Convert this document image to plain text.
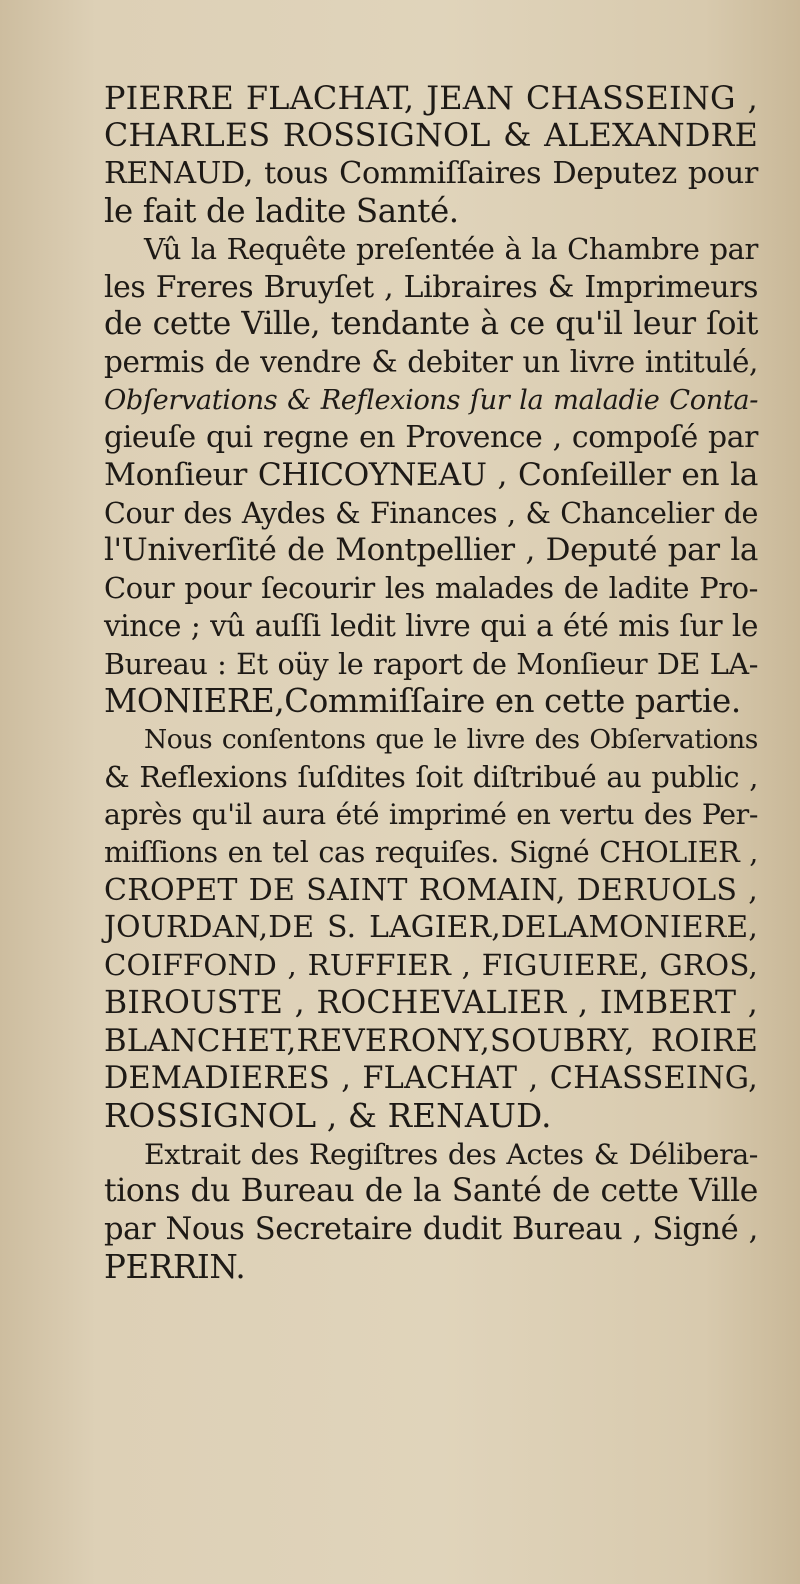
PIERRE FLACHAT, JEAN CHASSEING ,
CHARLES ROSSIGNOL & ALEXANDRE
RENAUD, tous Commiſſaires Deputez pour
le fait de ladite Santé.
Vû la Requête preſentée à la Chambre par
les Freres Bruyſet , Libraires & Imprimeurs
de cette Ville, tendante à ce qu'il leur ſoit
permis de vendre & debiter un livre intitulé,
Obſervations & Reflexions ſur la maladie Conta-
gieuſe qui regne en Provence , compoſé par
Monſieur CHICOYNEAU , Conſeiller en la
Cour des Aydes & Finances , & Chancelier de
l'Univerſité de Montpellier , Deputé par la
Cour pour ſecourir les malades de ladite Pro-
vince ; vû auſſi ledit livre qui a été mis ſur le
Bureau : Et oüy le raport de Monſieur DE LA-
MONIERE,Commiſſaire en cette partie.
Nous conſentons que le livre des Obſervations
& Reflexions ſuſdites ſoit diſtribué au public ,
après qu'il aura été imprimé en vertu des Per-
miſſions en tel cas requiſes. Signé CHOLIER ,
CROPET DE SAINT ROMAIN, DERUOLS ,
JOURDAN,DE S. LAGIER,DELAMONIERE,
COIFFOND , RUFFIER , FIGUIERE, GROS,
BIROUSTE , ROCHEVALIER , IMBERT ,
BLANCHET,REVERONY,SOUBRY, ROIRE
DEMADIERES , FLACHAT , CHASSEING,
ROSSIGNOL , & RENAUD.
Extrait des Regiſtres des Actes & Délibera-
tions du Bureau de la Santé de cette Ville
par Nous Secretaire dudit Bureau , Signé ,
PERRIN.
